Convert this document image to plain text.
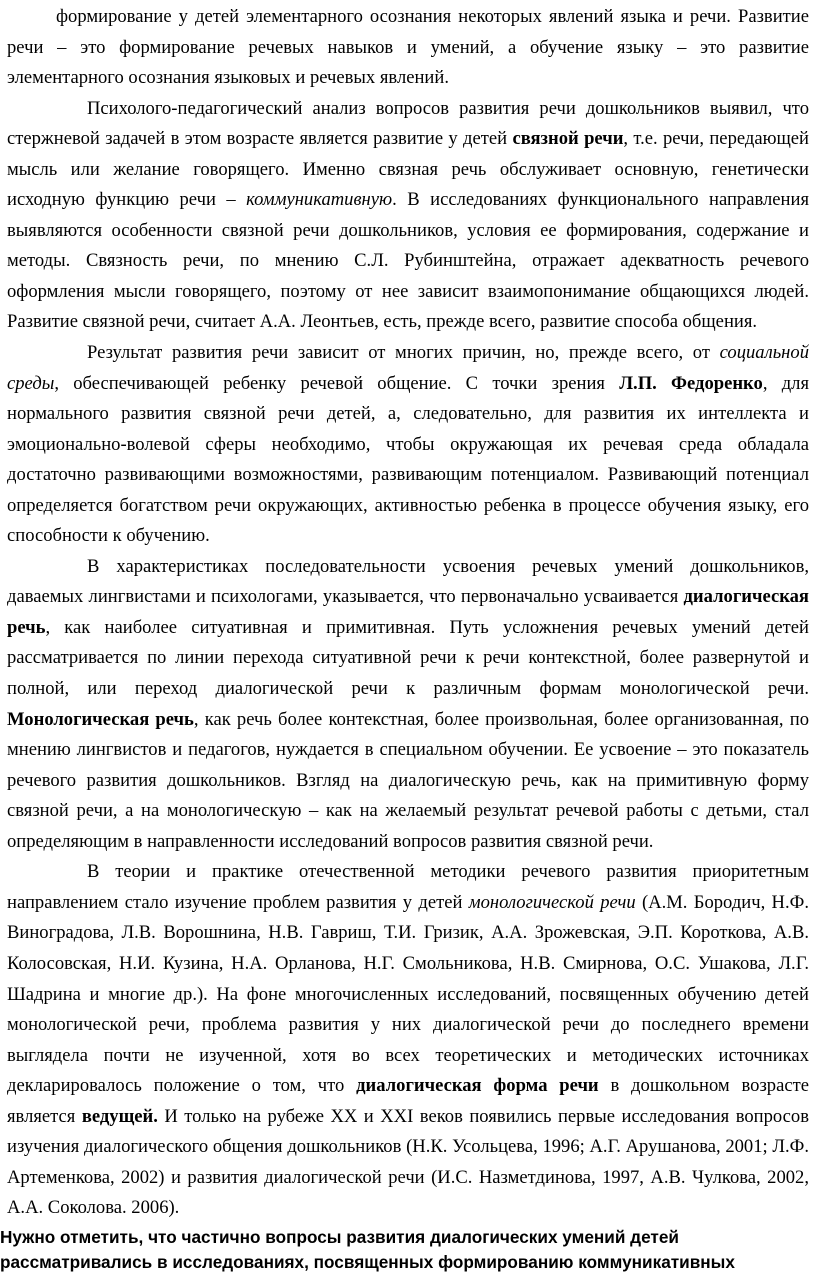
формирование у детей элементарного осознания некоторых явлений языка и речи. Развитие речи – это формирование речевых навыков и умений, а обучение языку – это развитие элементарного осознания языковых и речевых явлений.

Психолого-педагогический анализ вопросов развития речи дошкольников выявил, что стержневой задачей в этом возрасте является развитие у детей связной речи, т.е. речи, передающей мысль или желание говорящего. Именно связная речь обслуживает основную, генетически исходную функцию речи – коммуникативную. В исследованиях функционального направления выявляются особенности связной речи дошкольников, условия ее формирования, содержание и методы. Связность речи, по мнению С.Л. Рубинштейна, отражает адекватность речевого оформления мысли говорящего, поэтому от нее зависит взаимопонимание общающихся людей. Развитие связной речи, считает А.А. Леонтьев, есть, прежде всего, развитие способа общения.

Результат развития речи зависит от многих причин, но, прежде всего, от социальной среды, обеспечивающей ребенку речевой общение. С точки зрения Л.П. Федоренко, для нормального развития связной речи детей, а, следовательно, для развития их интеллекта и эмоционально-волевой сферы необходимо, чтобы окружающая их речевая среда обладала достаточно развивающими возможностями, развивающим потенциалом. Развивающий потенциал определяется богатством речи окружающих, активностью ребенка в процессе обучения языку, его способности к обучению.

В характеристиках последовательности усвоения речевых умений дошкольников, даваемых лингвистами и психологами, указывается, что первоначально усваивается диалогическая речь, как наиболее ситуативная и примитивная. Путь усложнения речевых умений детей рассматривается по линии перехода ситуативной речи к речи контекстной, более развернутой и полной, или переход диалогической речи к различным формам монологической речи. Монологическая речь, как речь более контекстная, более произвольная, более организованная, по мнению лингвистов и педагогов, нуждается в специальном обучении. Ее усвоение – это показатель речевого развития дошкольников. Взгляд на диалогическую речь, как на примитивную форму связной речи, а на монологическую – как на желаемый результат речевой работы с детьми, стал определяющим в направленности исследований вопросов развития связной речи.

В теории и практике отечественной методики речевого развития приоритетным направлением стало изучение проблем развития у детей монологической речи (А.М. Бородич, Н.Ф. Виноградова, Л.В. Ворошнина, Н.В. Гавриш, Т.И. Гризик, А.А. Зрожевская, Э.П. Короткова, А.В. Колосовская, Н.И. Кузина, Н.А. Орланова, Н.Г. Смольникова, Н.В. Смирнова, О.С. Ушакова, Л.Г. Шадрина и многие др.). На фоне многочисленных исследований, посвященных обучению детей монологической речи, проблема развития у них диалогической речи до последнего времени выглядела почти не изученной, хотя во всех теоретических и методических источниках декларировалось положение о том, что диалогическая форма речи в дошкольном возрасте является ведущей. И только на рубеже XX и XXI веков появились первые исследования вопросов изучения диалогического общения дошкольников (Н.К. Усольцева, 1996; А.Г. Арушанова, 2001; Л.Ф. Артеменкова, 2002) и развития диалогической речи (И.С. Назметдинова, 1997, А.В. Чулкова, 2002, А.А. Соколова. 2006).

Нужно отметить, что частично вопросы развития диалогических умений детей рассматривались в исследованиях, посвященных формированию коммуникативных
